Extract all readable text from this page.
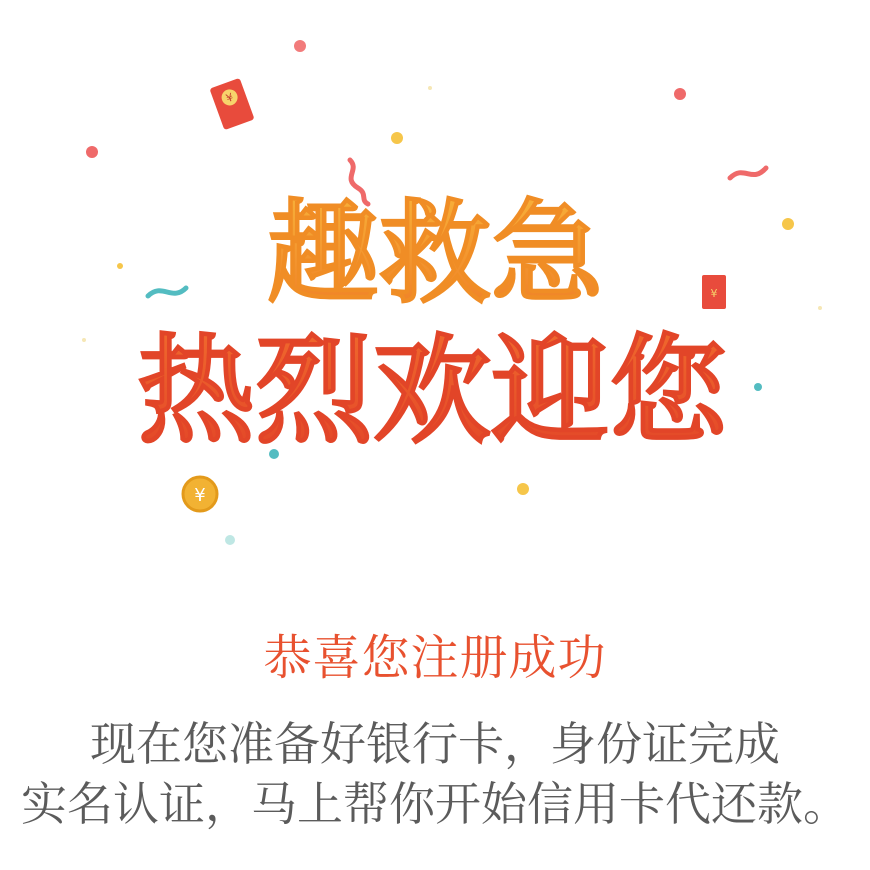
¥
¥
¥
趣救急
热烈欢迎您
恭喜您注册成功
现在您准备好银行卡，身份证完成
实名认证，马上帮你开始信用卡代还款。
